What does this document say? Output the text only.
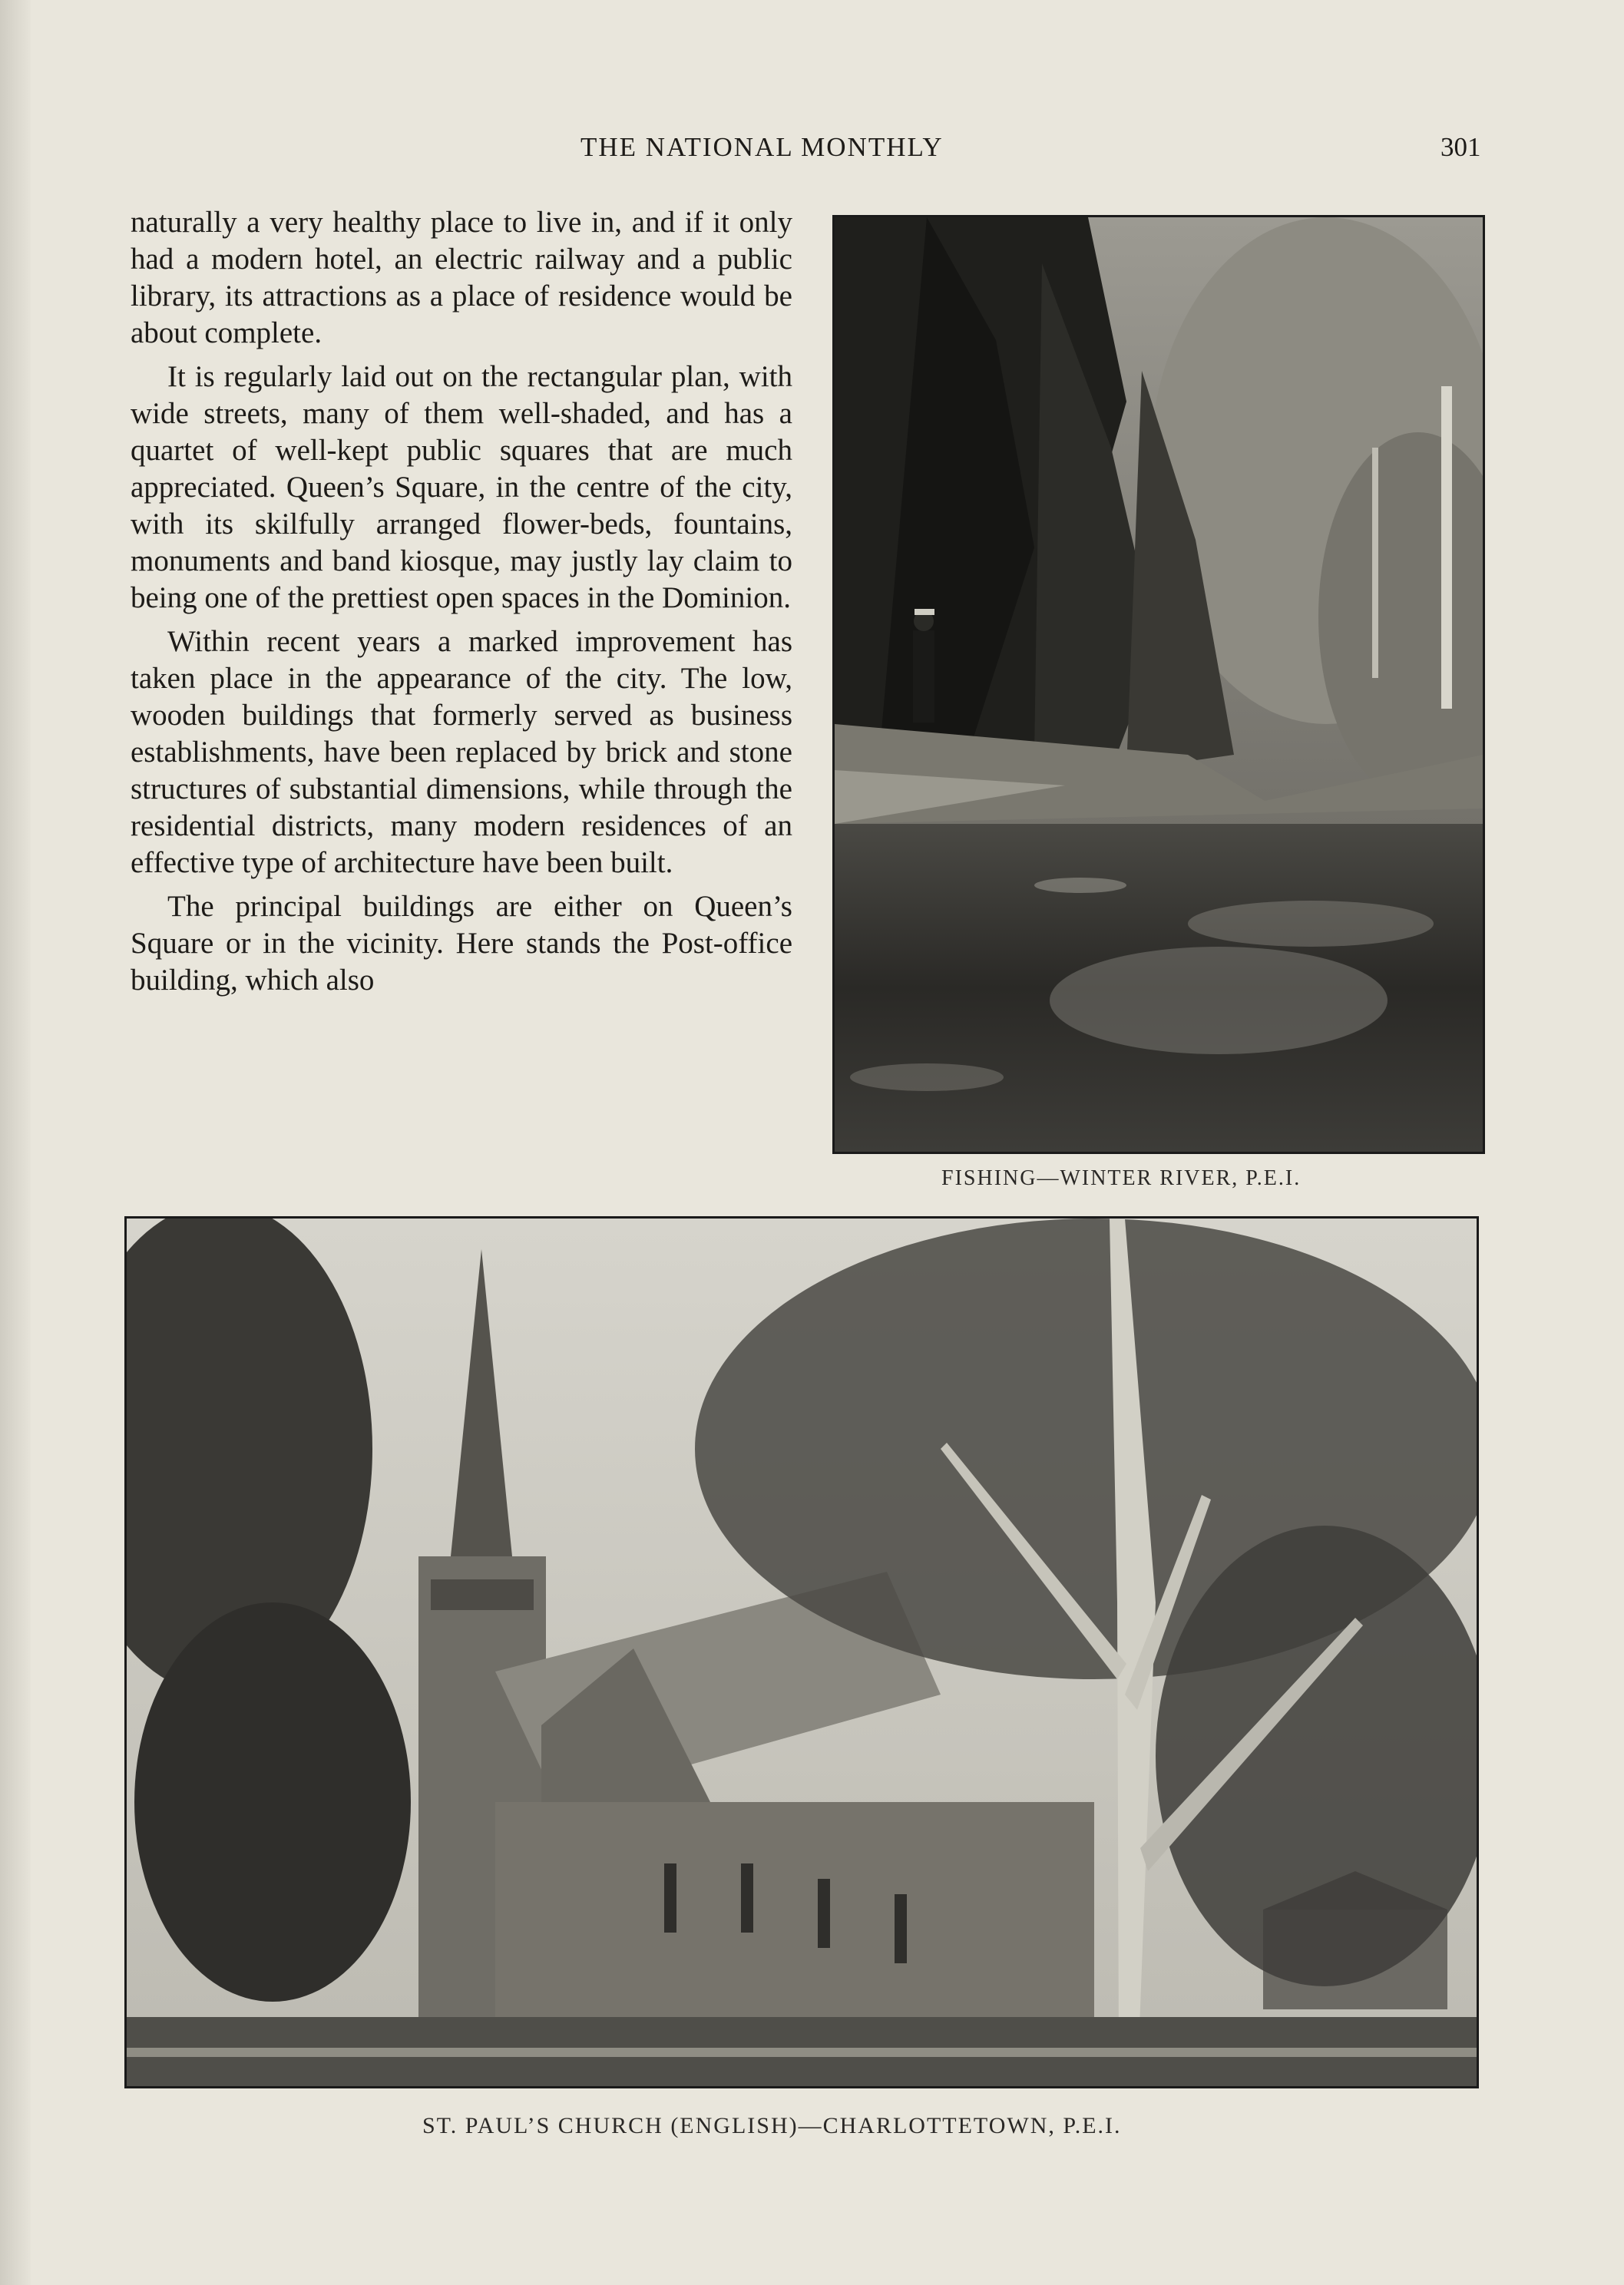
THE NATIONAL MONTHLY	301

naturally a very healthy place to live in, and if it only had a modern hotel, an electric railway and a public library, its attractions as a place of residence would be about complete.

It is regularly laid out on the rectangular plan, with wide streets, many of them well-shaded, and has a quartet of well-kept public squares that are much appreciated. Queen’s Square, in the centre of the city, with its skilfully arranged flower-beds, fountains, monuments and band kiosque, may justly lay claim to being one of the prettiest open spaces in the Dominion.

Within recent years a marked improvement has taken place in the appearance of the city. The low, wooden buildings that formerly served as business establishments, have been replaced by brick and stone structures of substantial dimensions, while through the residential districts, many modern residences of an effective type of architecture have been built.

The principal buildings are either on Queen’s Square or in the vicinity. Here stands the Post-office building, which also

FISHING—WINTER RIVER, P.E.I.
ST. PAUL’S CHURCH (ENGLISH)—CHARLOTTETOWN, P.E.I.
